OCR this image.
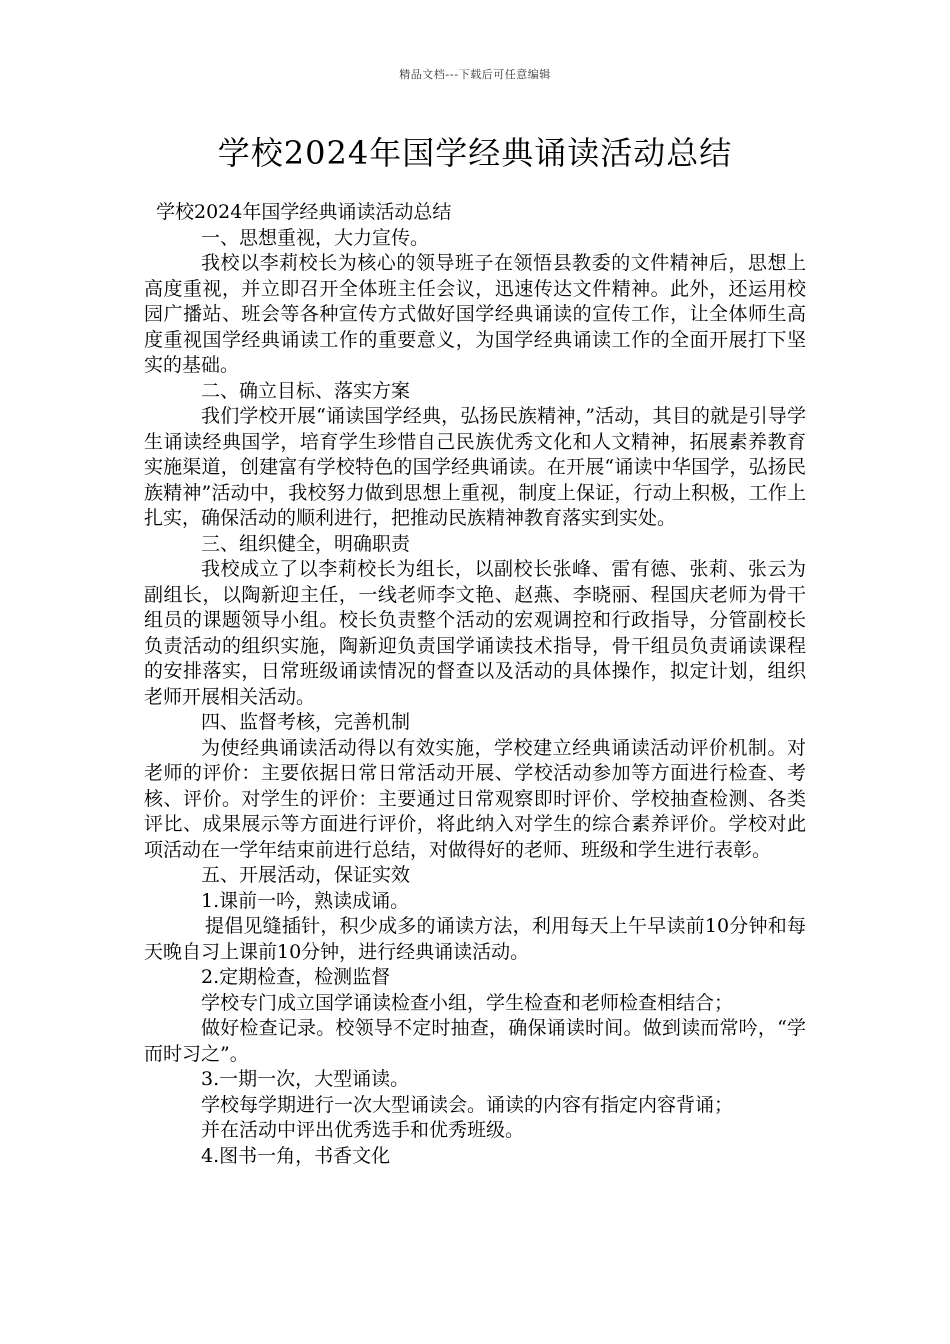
精品文档---下载后可任意编辑
学校2024年国学经典诵读活动总结

学校2024年国学经典诵读活动总结

一、思想重视，大力宣传。

我校以李莉校长为核心的领导班子在领悟县教委的文件精神后，思想上高度重视，并立即召开全体班主任会议，迅速传达文件精神。此外，还运用校园广播站、班会等各种宣传方式做好国学经典诵读的宣传工作，让全体师生高度重视国学经典诵读工作的重要意义，为国学经典诵读工作的全面开展打下坚实的基础。

二、确立目标、落实方案

我们学校开展“诵读国学经典，弘扬民族精神，”活动，其目的就是引导学生诵读经典国学，培育学生珍惜自己民族优秀文化和人文精神，拓展素养教育实施渠道，创建富有学校特色的国学经典诵读。在开展“诵读中华国学，弘扬民族精神”活动中，我校努力做到思想上重视，制度上保证，行动上积极，工作上扎实，确保活动的顺利进行，把推动民族精神教育落实到实处。

三、组织健全，明确职责

我校成立了以李莉校长为组长，以副校长张峰、雷有德、张莉、张云为副组长，以陶新迎主任，一线老师李文艳、赵燕、李晓丽、程国庆老师为骨干组员的课题领导小组。校长负责整个活动的宏观调控和行政指导，分管副校长负责活动的组织实施，陶新迎负责国学诵读技术指导，骨干组员负责诵读课程的安排落实，日常班级诵读情况的督查以及活动的具体操作，拟定计划，组织老师开展相关活动。

四、监督考核，完善机制

为使经典诵读活动得以有效实施，学校建立经典诵读活动评价机制。对老师的评价：主要依据日常日常活动开展、学校活动参加等方面进行检查、考核、评价。对学生的评价：主要通过日常观察即时评价、学校抽查检测、各类评比、成果展示等方面进行评价，将此纳入对学生的综合素养评价。学校对此项活动在一学年结束前进行总结，对做得好的老师、班级和学生进行表彰。

五、开展活动，保证实效

1.课前一吟，熟读成诵。

提倡见缝插针，积少成多的诵读方法，利用每天上午早读前10分钟和每天晚自习上课前10分钟，进行经典诵读活动。

2.定期检查，检测监督

学校专门成立国学诵读检查小组，学生检查和老师检查相结合；

做好检查记录。校领导不定时抽查，确保诵读时间。做到读而常吟，“学而时习之”。

3.一期一次，大型诵读。

学校每学期进行一次大型诵读会。诵读的内容有指定内容背诵；

并在活动中评出优秀选手和优秀班级。

4.图书一角，书香文化
